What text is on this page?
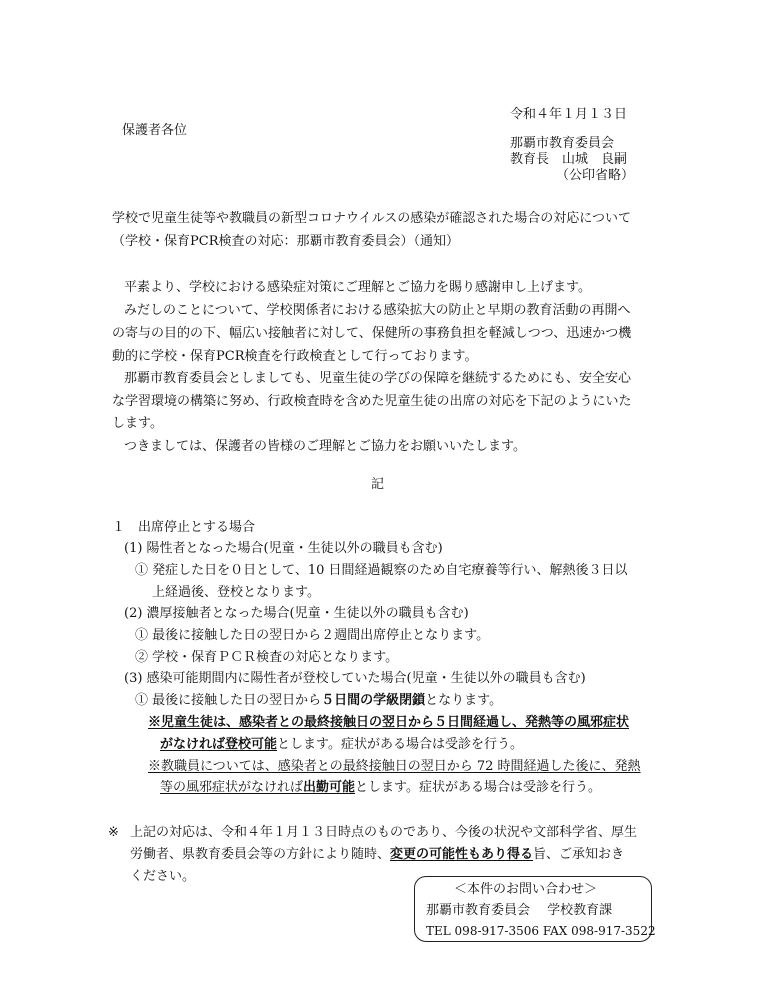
令和４年１月１３日
保護者各位
那覇市教育委員会
教育長　山城　良嗣
（公印省略）
学校で児童生徒等や教職員の新型コロナウイルスの感染が確認された場合の対応について
（学校・保育PCR検査の対応：那覇市教育委員会）（通知）
平素より、学校における感染症対策にご理解とご協力を賜り感謝申し上げます。
みだしのことについて、学校関係者における感染拡大の防止と早期の教育活動の再開へ
の寄与の目的の下、幅広い接触者に対して、保健所の事務負担を軽減しつつ、迅速かつ機
動的に学校・保育PCR検査を行政検査として行っております。
那覇市教育委員会としましても、児童生徒の学びの保障を継続するためにも、安全安心
な学習環境の構築に努め、行政検査時を含めた児童生徒の出席の対応を下記のようにいた
します。
つきましては、保護者の皆様のご理解とご協力をお願いいたします。
記
１　出席停止とする場合
(1) 陽性者となった場合(児童・生徒以外の職員も含む)
① 発症した日を０日として、10 日間経過観察のため自宅療養等行い、解熱後３日以
上経過後、登校となります。
(2) 濃厚接触者となった場合(児童・生徒以外の職員も含む)
① 最後に接触した日の翌日から２週間出席停止となります。
② 学校・保育ＰＣＲ検査の対応となります。
(3) 感染可能期間内に陽性者が登校していた場合(児童・生徒以外の職員も含む)
① 最後に接触した日の翌日から５日間の学級閉鎖となります。
※児童生徒は、感染者との最終接触日の翌日から５日間経過し、発熱等の風邪症状
がなければ登校可能とします。症状がある場合は受診を行う。
※教職員については、感染者との最終接触日の翌日から 72 時間経過した後に、発熱
等の風邪症状がなければ出勤可能とします。症状がある場合は受診を行う。
※ 上記の対応は、令和４年１月１３日時点のものであり、今後の状況や文部科学省、厚生
労働者、県教育委員会等の方針により随時、変更の可能性もあり得る旨、ご承知おき
ください。
＜本件のお問い合わせ＞
那覇市教育委員会　 学校教育課
TEL 098-917-3506 FAX 098-917-3522
